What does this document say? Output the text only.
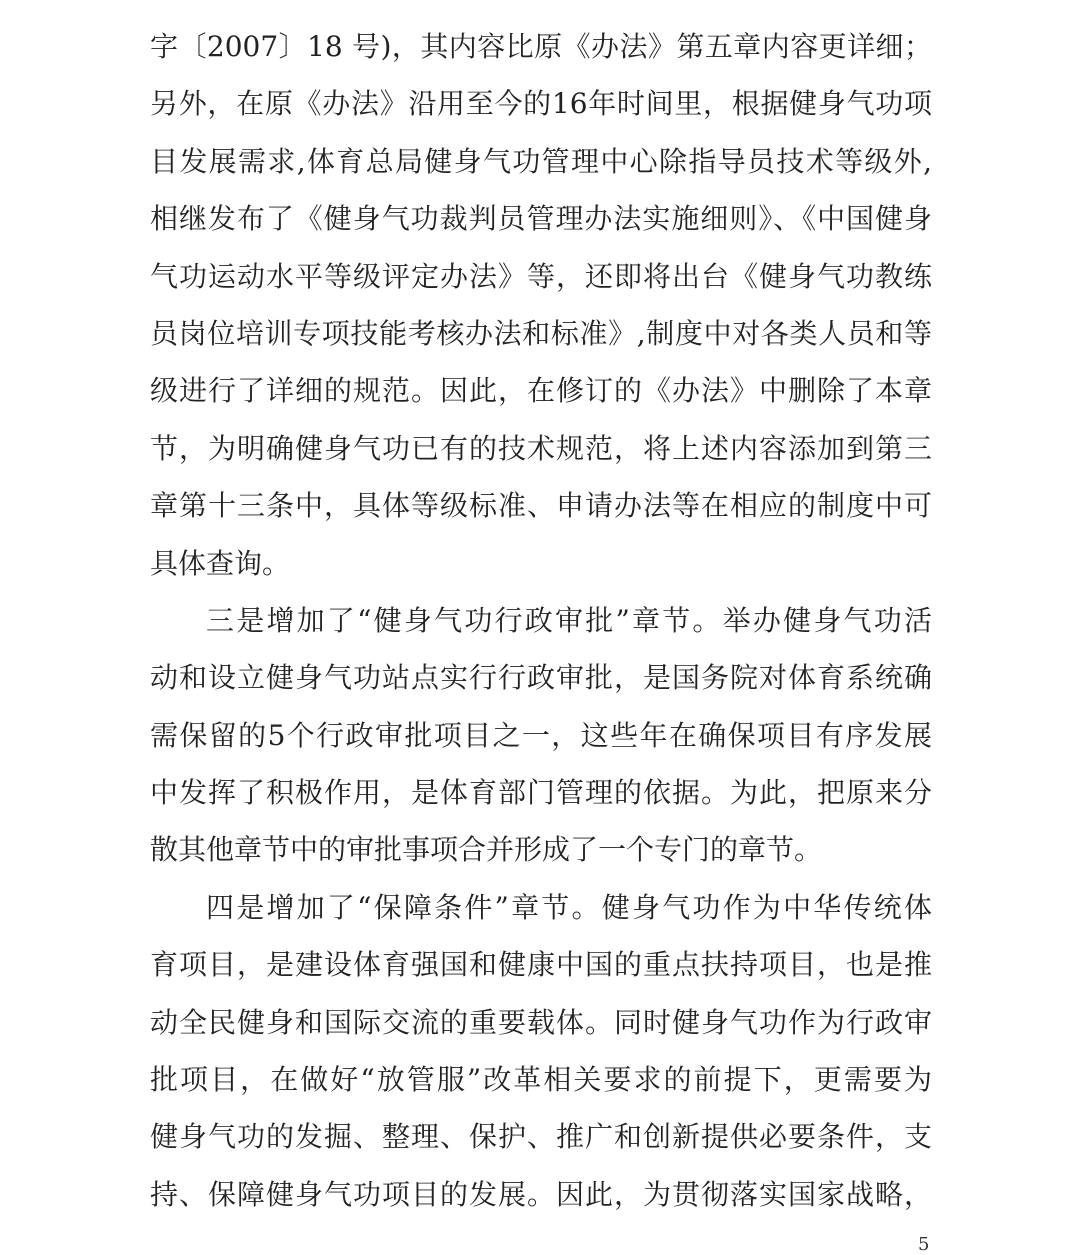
字〔2007〕18 号)，其内容比原《办法》第五章内容更详细；
另外，在原《办法》沿用至今的16年时间里，根据健身气功项
目发展需求,体育总局健身气功管理中心除指导员技术等级外,
相继发布了《健身气功裁判员管理办法实施细则》、《中国健身
气功运动水平等级评定办法》等，还即将出台《健身气功教练
员岗位培训专项技能考核办法和标准》,制度中对各类人员和等
级进行了详细的规范。因此，在修订的《办法》中删除了本章
节，为明确健身气功已有的技术规范，将上述内容添加到第三
章第十三条中，具体等级标准、申请办法等在相应的制度中可
具体查询。
三是增加了“健身气功行政审批”章节。举办健身气功活
动和设立健身气功站点实行行政审批，是国务院对体育系统确
需保留的5个行政审批项目之一，这些年在确保项目有序发展
中发挥了积极作用，是体育部门管理的依据。为此，把原来分
散其他章节中的审批事项合并形成了一个专门的章节。
四是增加了“保障条件”章节。健身气功作为中华传统体
育项目，是建设体育强国和健康中国的重点扶持项目，也是推
动全民健身和国际交流的重要载体。同时健身气功作为行政审
批项目，在做好“放管服”改革相关要求的前提下，更需要为
健身气功的发掘、整理、保护、推广和创新提供必要条件，支
持、保障健身气功项目的发展。因此，为贯彻落实国家战略，
5
